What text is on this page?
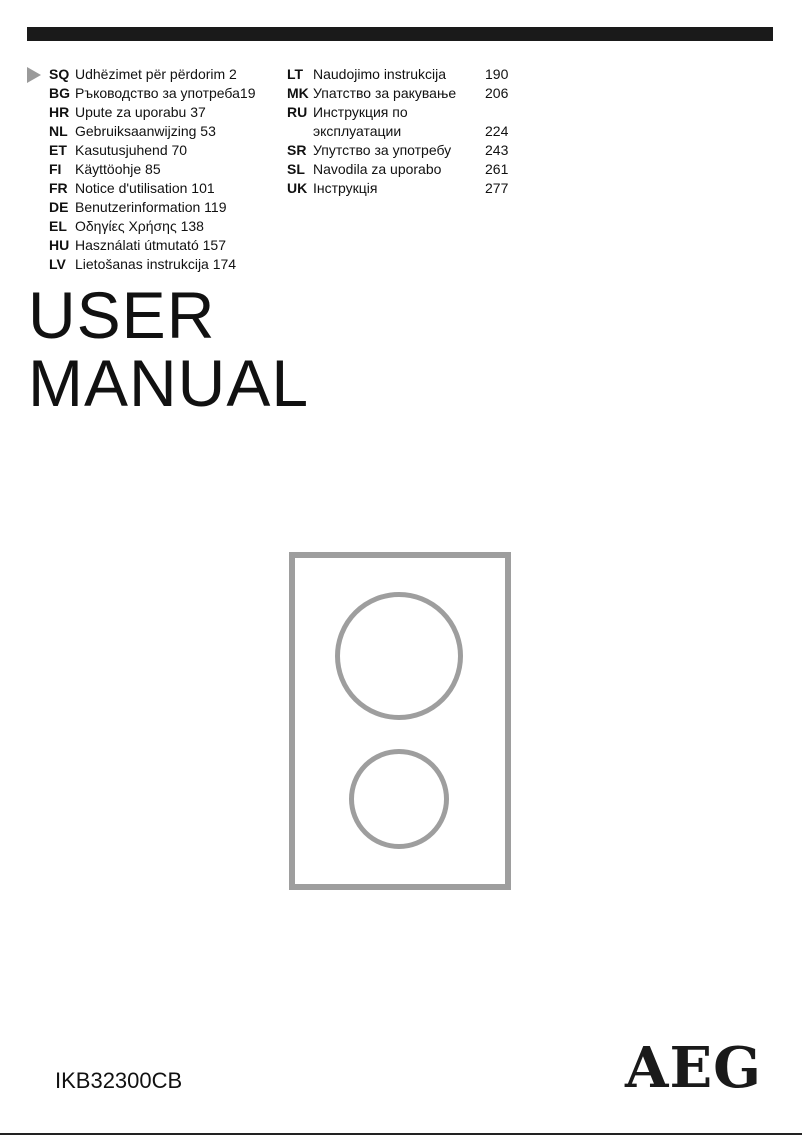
SQ Udhëzimet për përdorim 2
BG Ръководство за употреба19
HR Upute za uporabu 37
NL Gebruiksaanwijzing 53
ET Kasutusjuhend 70
FI Käyttöohje 85
FR Notice d'utilisation 101
DE Benutzerinformation 119
EL Οδηγίες Χρήσης 138
HU Használati útmutató 157
LV Lietošanas instrukcija 174
LT Naudojimo instrukcija	190
MK Упатство за ракување	206
RU Инструкция по
эксплуатации	224
SR Упутство за употребу	243
SL Navodila za uporabo	261
UK Інструкція	277
USER
MANUAL
IKB32300CB	AEG
